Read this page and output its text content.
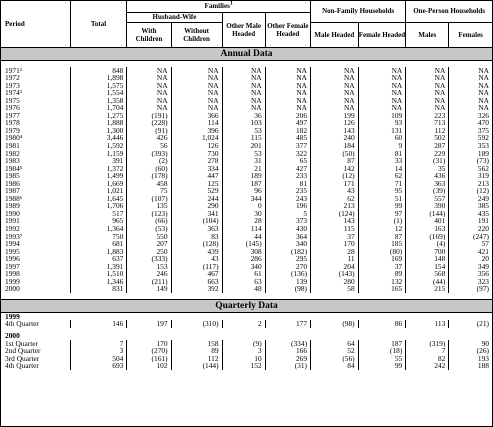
Period	Total	Families1				Non-Family Households		One-Person Households	
		Husband-Wife		Other Male Headed	Other Female Headed				
		With Children	Without Children			Male Headed	Female Headed	Males	Females
Annual Data									

1971²	848	NA	NA	NA	NA	NA	NA	NA	NA
1972	1,898	NA	NA	NA	NA	NA	NA	NA	NA
1973	1,575	NA	NA	NA	NA	NA	NA	NA	NA
1974³	1,554	NA	NA	NA	NA	NA	NA	NA	NA
1975	1,358	NA	NA	NA	NA	NA	NA	NA	NA
1976	1,704	NA	NA	NA	NA	NA	NA	NA	NA
1977	1,275	(191)	366	36	206	199	109	223	326
1978	1,888	(228)	114	103	497	126	93	713	470
1979	1,300	(91)	396	53	182	143	131	112	375
1980⁴	3,446	426	1,024	115	485	240	60	502	592
1981	1,592	56	126	201	377	184	9	287	353
1982	1,159	(393)	730	53	322	(50)	81	229	189
1983	391	(2)	278	31	65	87	33	(31)	(73)
1984⁵	1,372	(60)	334	21	427	142	14	35	562
1985	1,499	(178)	447	189	233	(12)	62	436	319
1986	1,669	458	125	187	81	171	71	363	213
1987	1,021	75	529	96	235	43	95	(39)	(12)
1988⁶	1,645	(107)	244	344	243	62	51	557	249
1989	1,706	135	290	0	196	213	99	390	385
1990	517	(123)	341	30	5	(124)	97	(144)	435
1991	965	(66)	(104)	28	373	143	(1)	401	191
1992	1,364	(53)	363	114	430	115	12	163	220
1993⁷	750	550	83	44	364	37	87	(169)	(247)
1994	681	207	(128)	(145)	340	170	185	(4)	57
1995	1,883	250	439	308	(182)	28	(80)	700	421
1996	637	(333)	43	286	295	11	169	148	20
1997	1,391	153	(117)	340	270	204	37	154	349
1998	1,510	246	467	61	(136)	(143)	89	568	356
1999	1,346	(211)	663	63	139	280	132	(44)	323
2000	831	149	392	48	(98)	58	165	215	(97)

Quarterly Data									
1999									
4th Quarter	146	197	(310)	2	177	(98)	86	113	(21)

2000									
1st Quarter	7	170	158	(9)	(334)	64	187	(319)	90
2nd Quarter	3	(270)	89	3	166	52	(18)	7	(26)
3rd Quarter	504	(161)	112	10	269	(56)	55	82	193
4th Quarter	693	102	(144)	152	(31)	84	99	242	188
